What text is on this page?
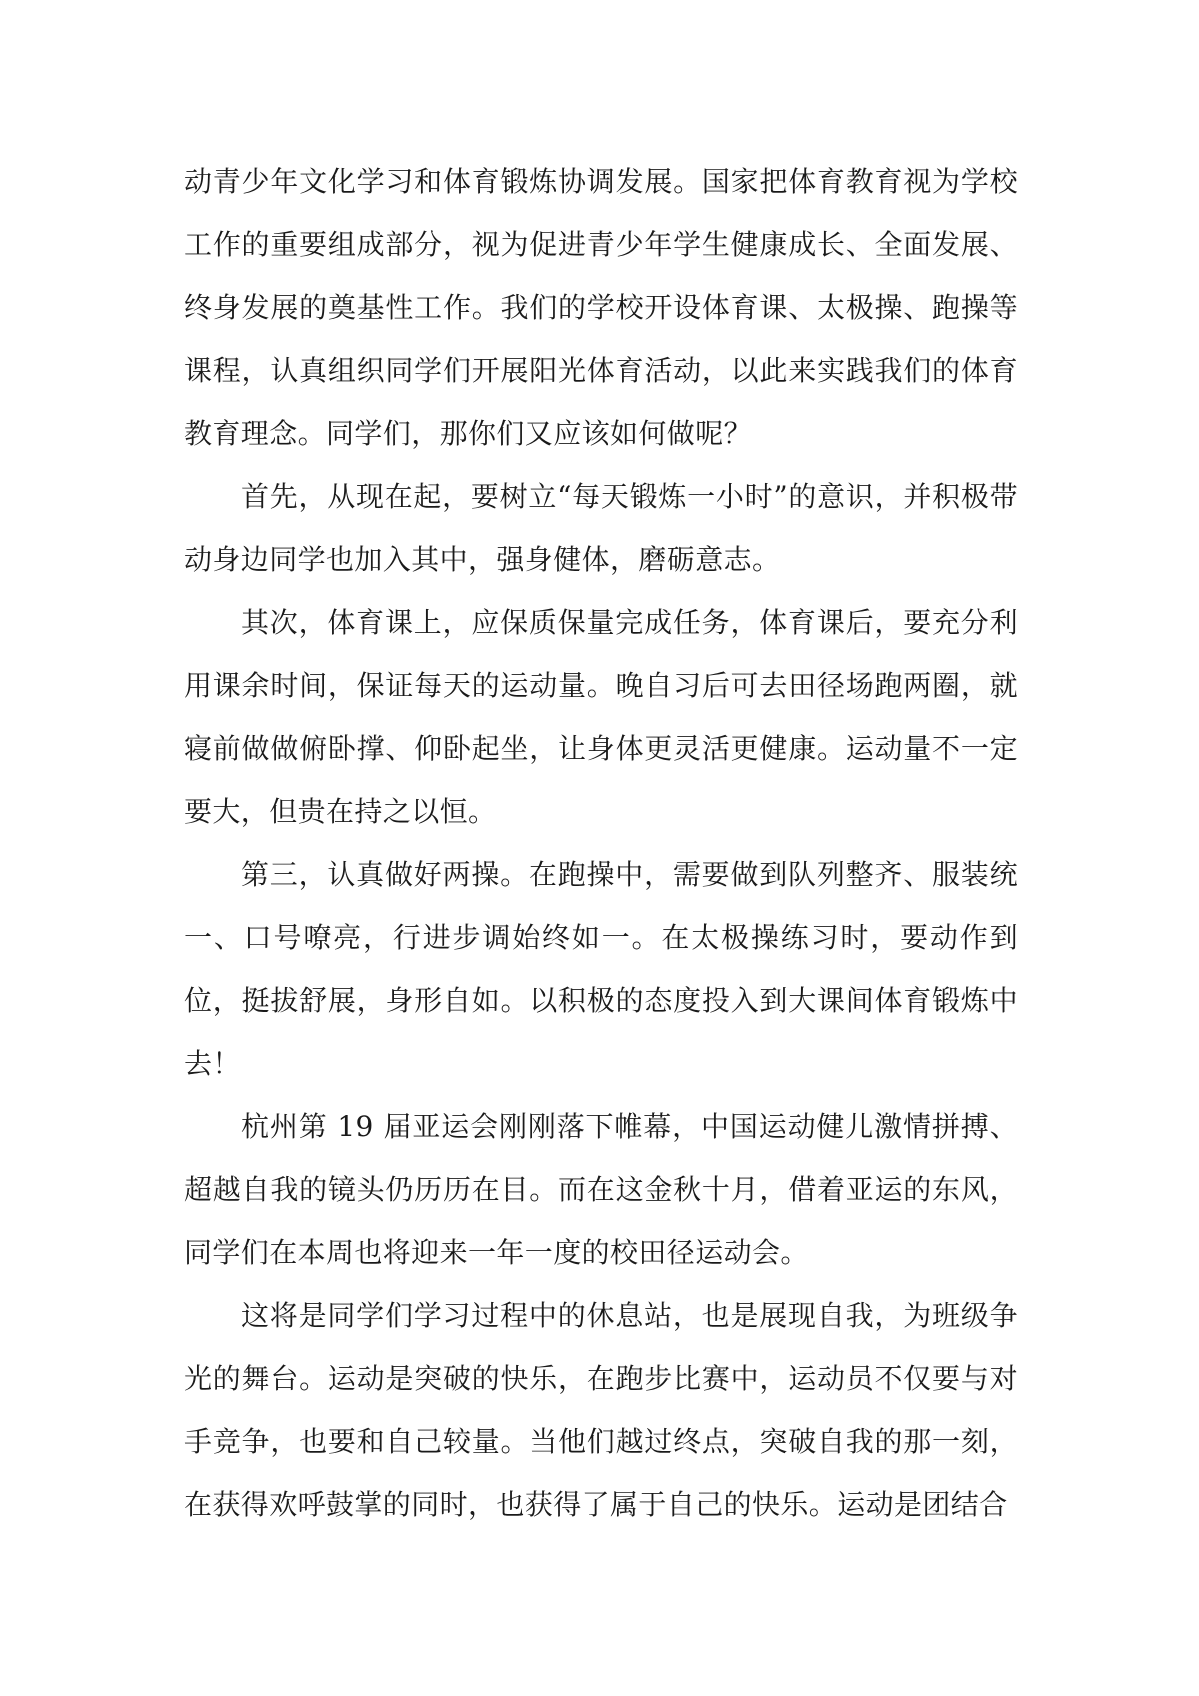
动青少年文化学习和体育锻炼协调发展。国家把体育教育视为学校工作的重要组成部分，视为促进青少年学生健康成长、全面发展、终身发展的奠基性工作。我们的学校开设体育课、太极操、跑操等课程，认真组织同学们开展阳光体育活动，以此来实践我们的体育教育理念。同学们，那你们又应该如何做呢？

首先，从现在起，要树立“每天锻炼一小时”的意识，并积极带动身边同学也加入其中，强身健体，磨砺意志。

其次，体育课上，应保质保量完成任务，体育课后，要充分利用课余时间，保证每天的运动量。晚自习后可去田径场跑两圈，就寝前做做俯卧撑、仰卧起坐，让身体更灵活更健康。运动量不一定要大，但贵在持之以恒。

第三，认真做好两操。在跑操中，需要做到队列整齐、服装统一、口号嘹亮，行进步调始终如一。在太极操练习时，要动作到位，挺拔舒展，身形自如。以积极的态度投入到大课间体育锻炼中去！

杭州第 19 届亚运会刚刚落下帷幕，中国运动健儿激情拼搏、超越自我的镜头仍历历在目。而在这金秋十月，借着亚运的东风，同学们在本周也将迎来一年一度的校田径运动会。

这将是同学们学习过程中的休息站，也是展现自我，为班级争光的舞台。运动是突破的快乐，在跑步比赛中，运动员不仅要与对手竞争，也要和自己较量。当他们越过终点，突破自我的那一刻，在获得欢呼鼓掌的同时，也获得了属于自己的快乐。运动是团结合
